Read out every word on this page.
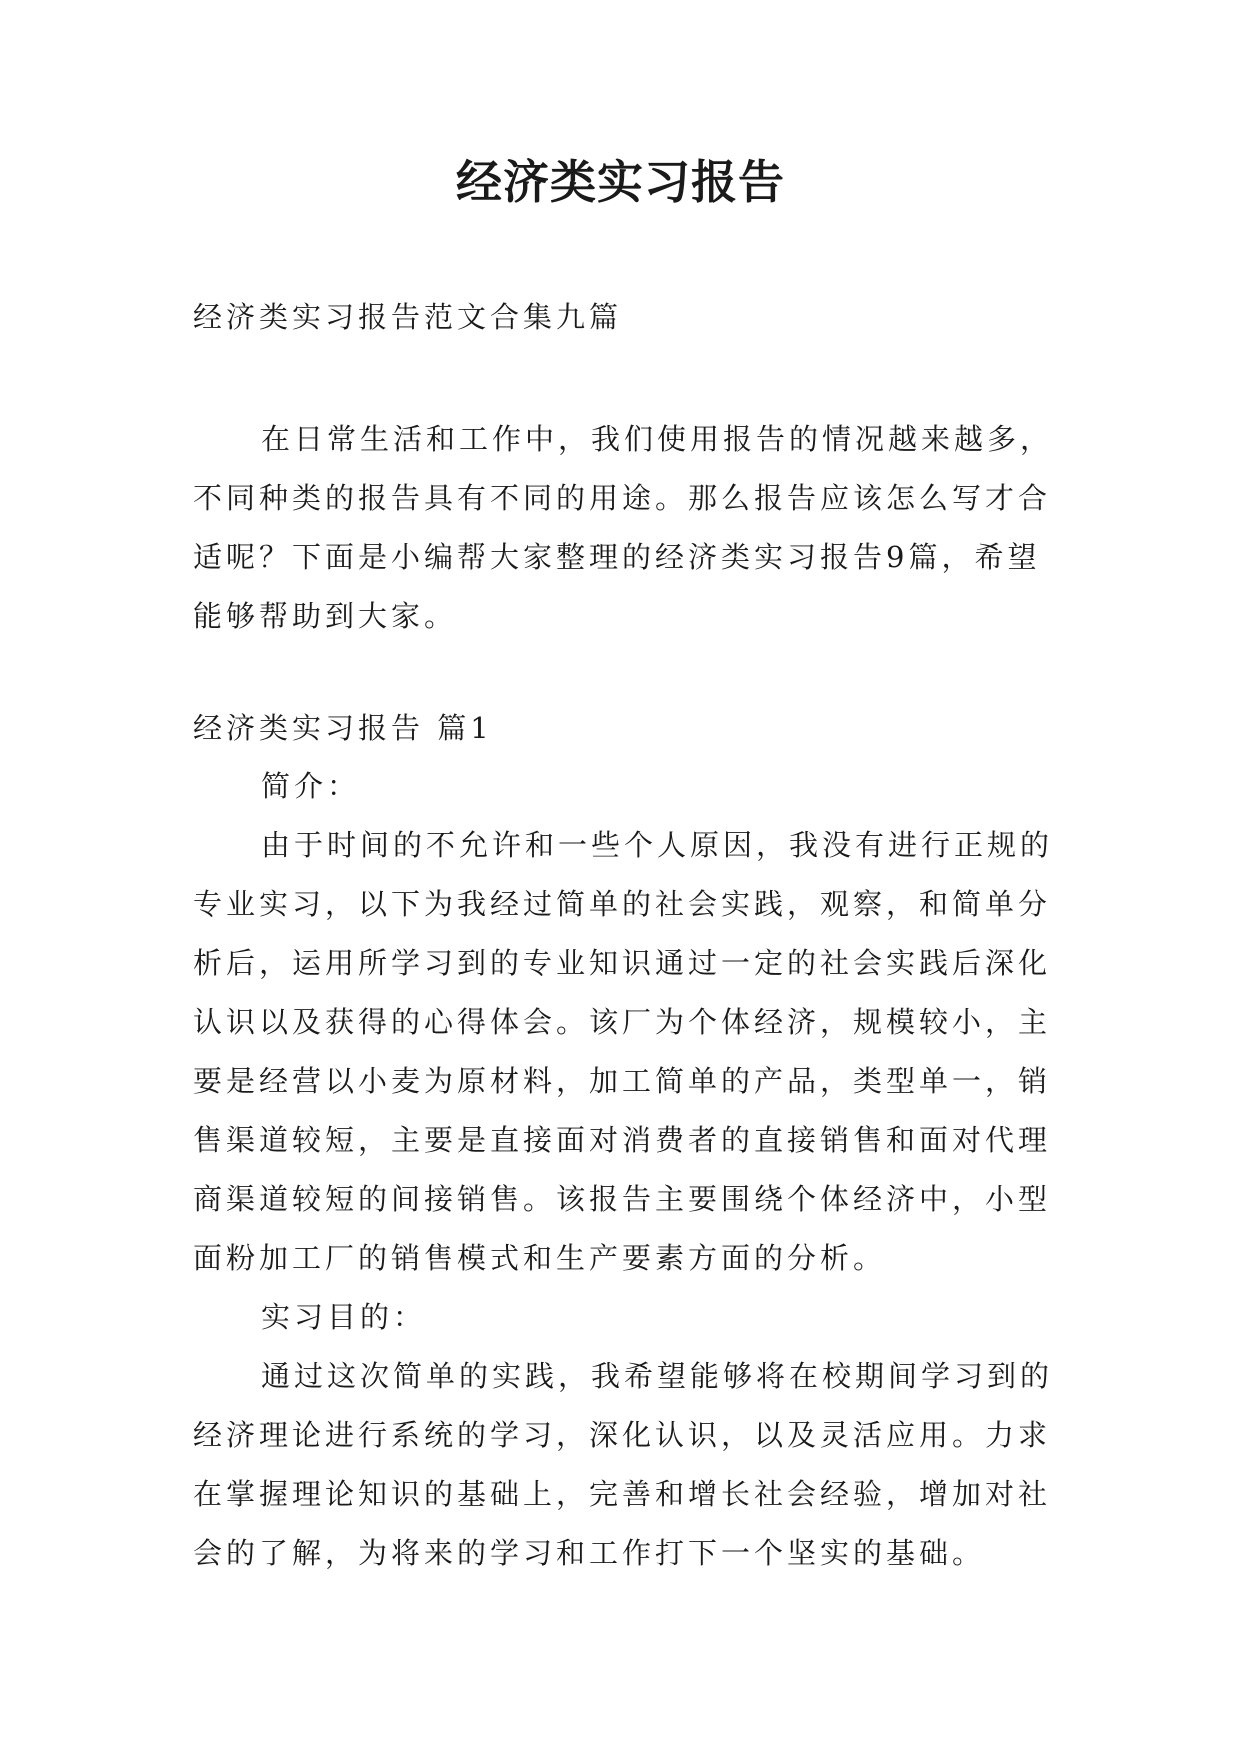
经济类实习报告

经济类实习报告范文合集九篇

在日常生活和工作中，我们使用报告的情况越来越多，不同种类的报告具有不同的用途。那么报告应该怎么写才合适呢？下面是小编帮大家整理的经济类实习报告9篇，希望能够帮助到大家。

经济类实习报告 篇1

简介：

由于时间的不允许和一些个人原因，我没有进行正规的专业实习，以下为我经过简单的社会实践，观察，和简单分析后，运用所学习到的专业知识通过一定的社会实践后深化认识以及获得的心得体会。该厂为个体经济，规模较小，主要是经营以小麦为原材料，加工简单的产品，类型单一，销售渠道较短，主要是直接面对消费者的直接销售和面对代理商渠道较短的间接销售。该报告主要围绕个体经济中，小型面粉加工厂的销售模式和生产要素方面的分析。

实习目的：

通过这次简单的实践，我希望能够将在校期间学习到的经济理论进行系统的学习，深化认识，以及灵活应用。力求在掌握理论知识的基础上，完善和增长社会经验，增加对社会的了解，为将来的学习和工作打下一个坚实的基础。
